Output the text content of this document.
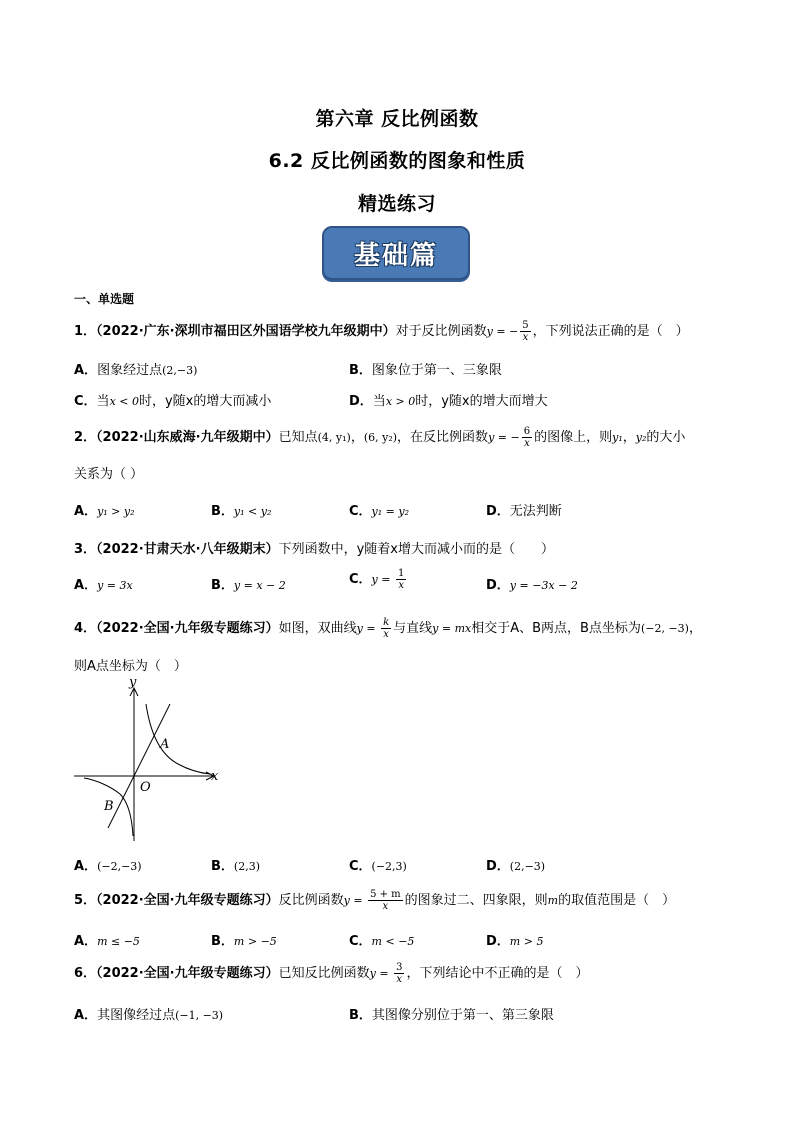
第六章 反比例函数
6.2 反比例函数的图象和性质
精选练习
基础篇
一、单选题
1．（2022·广东·深圳市福田区外国语学校九年级期中）对于反比例函数y = − $\frac{5}{x}$ ，下列说法正确的是（　）
A．图象经过点(2,−3)	B．图象位于第一、三象限
C．当x < 0时，y随x的增大而减小	D．当x > 0时，y随x的增大而增大
2．（2022·山东威海·九年级期中）已知点(4, y₁)，(6, y₂)，在反比例函数y = − $\frac{6}{x}$ 的图像上，则y₁，y₂的大小
关系为（ ）
A．y₁ > y₂	B．y₁ < y₂	C．y₁ = y₂	D．无法判断
3．（2022·甘肃天水·八年级期末）下列函数中，y随着x增大而减小而的是（　　）
A．y = 3x	B．y = x − 2	C．$y = \frac{1}{x}$	D．y = −3x − 2
4．（2022·全国·九年级专题练习）如图，双曲线$y = \frac{k}{x}$ 与直线y = mx相交于A、B两点，B点坐标为(−2, −3)，
则A点坐标为（　）
y
x
O
A
B
A．(−2,−3)	B．(2,3)	C．(−2,3)	D．(2,−3)
5．（2022·全国·九年级专题练习）反比例函数$y = \frac{5 + m}{x}$ 的图象过二、四象限，则m的取值范围是（　）
A．m ≤ −5	B．m > −5	C．m < −5	D．m > 5
6．（2022·全国·九年级专题练习）已知反比例函数$y = \frac{3}{x}$ ，下列结论中不正确的是（　）
A．其图像经过点(−1, −3)	B．其图像分别位于第一、第三象限
